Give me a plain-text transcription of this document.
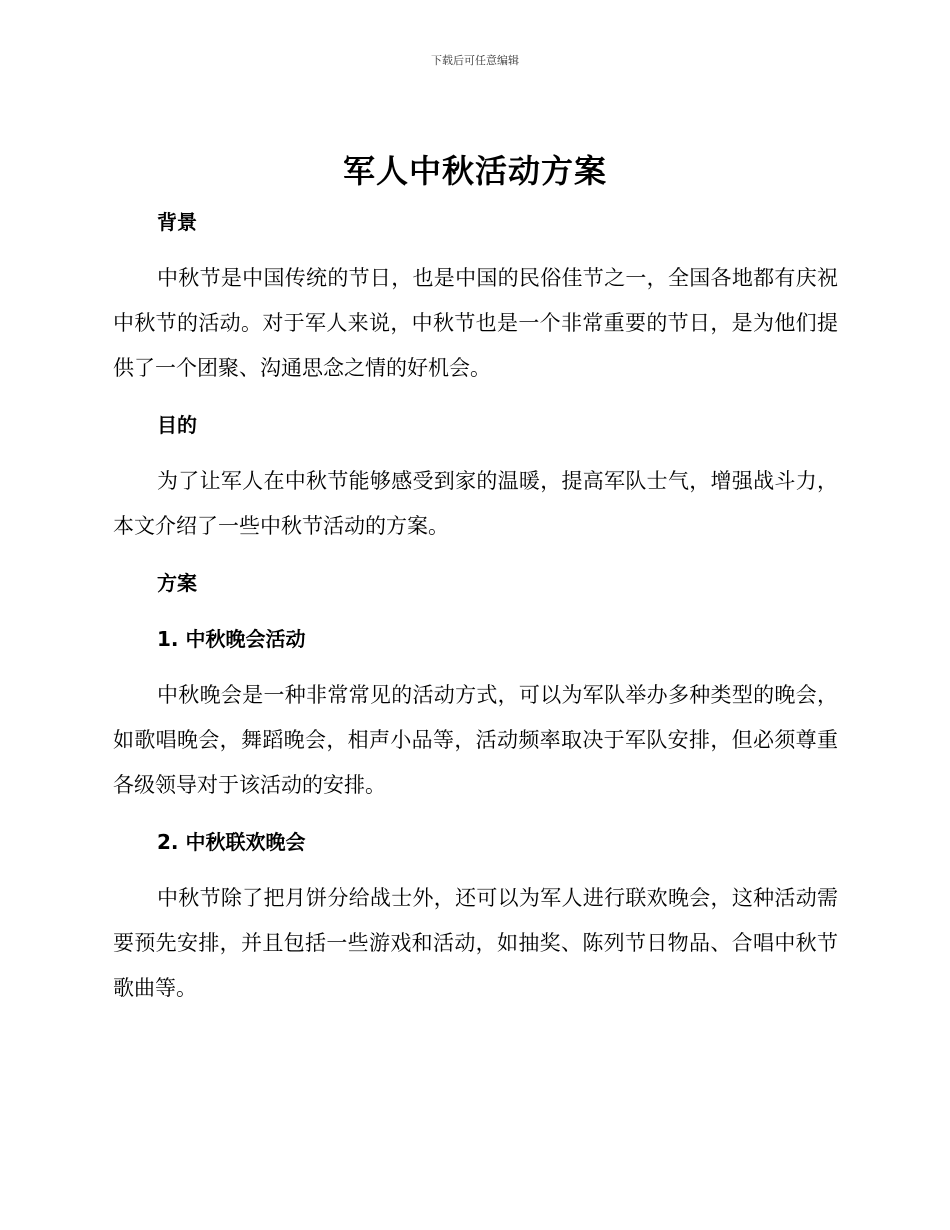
下载后可任意编辑
军人中秋活动方案
背景

中秋节是中国传统的节日，也是中国的民俗佳节之一，全国各地都有庆祝中秋节的活动。对于军人来说，中秋节也是一个非常重要的节日，是为他们提供了一个团聚、沟通思念之情的好机会。

目的

为了让军人在中秋节能够感受到家的温暖，提高军队士气，增强战斗力，本文介绍了一些中秋节活动的方案。

方案
1. 中秋晚会活动

中秋晚会是一种非常常见的活动方式，可以为军队举办多种类型的晚会，如歌唱晚会，舞蹈晚会，相声小品等，活动频率取决于军队安排，但必须尊重各级领导对于该活动的安排。

2. 中秋联欢晚会

中秋节除了把月饼分给战士外，还可以为军人进行联欢晚会，这种活动需要预先安排，并且包括一些游戏和活动，如抽奖、陈列节日物品、合唱中秋节歌曲等。
